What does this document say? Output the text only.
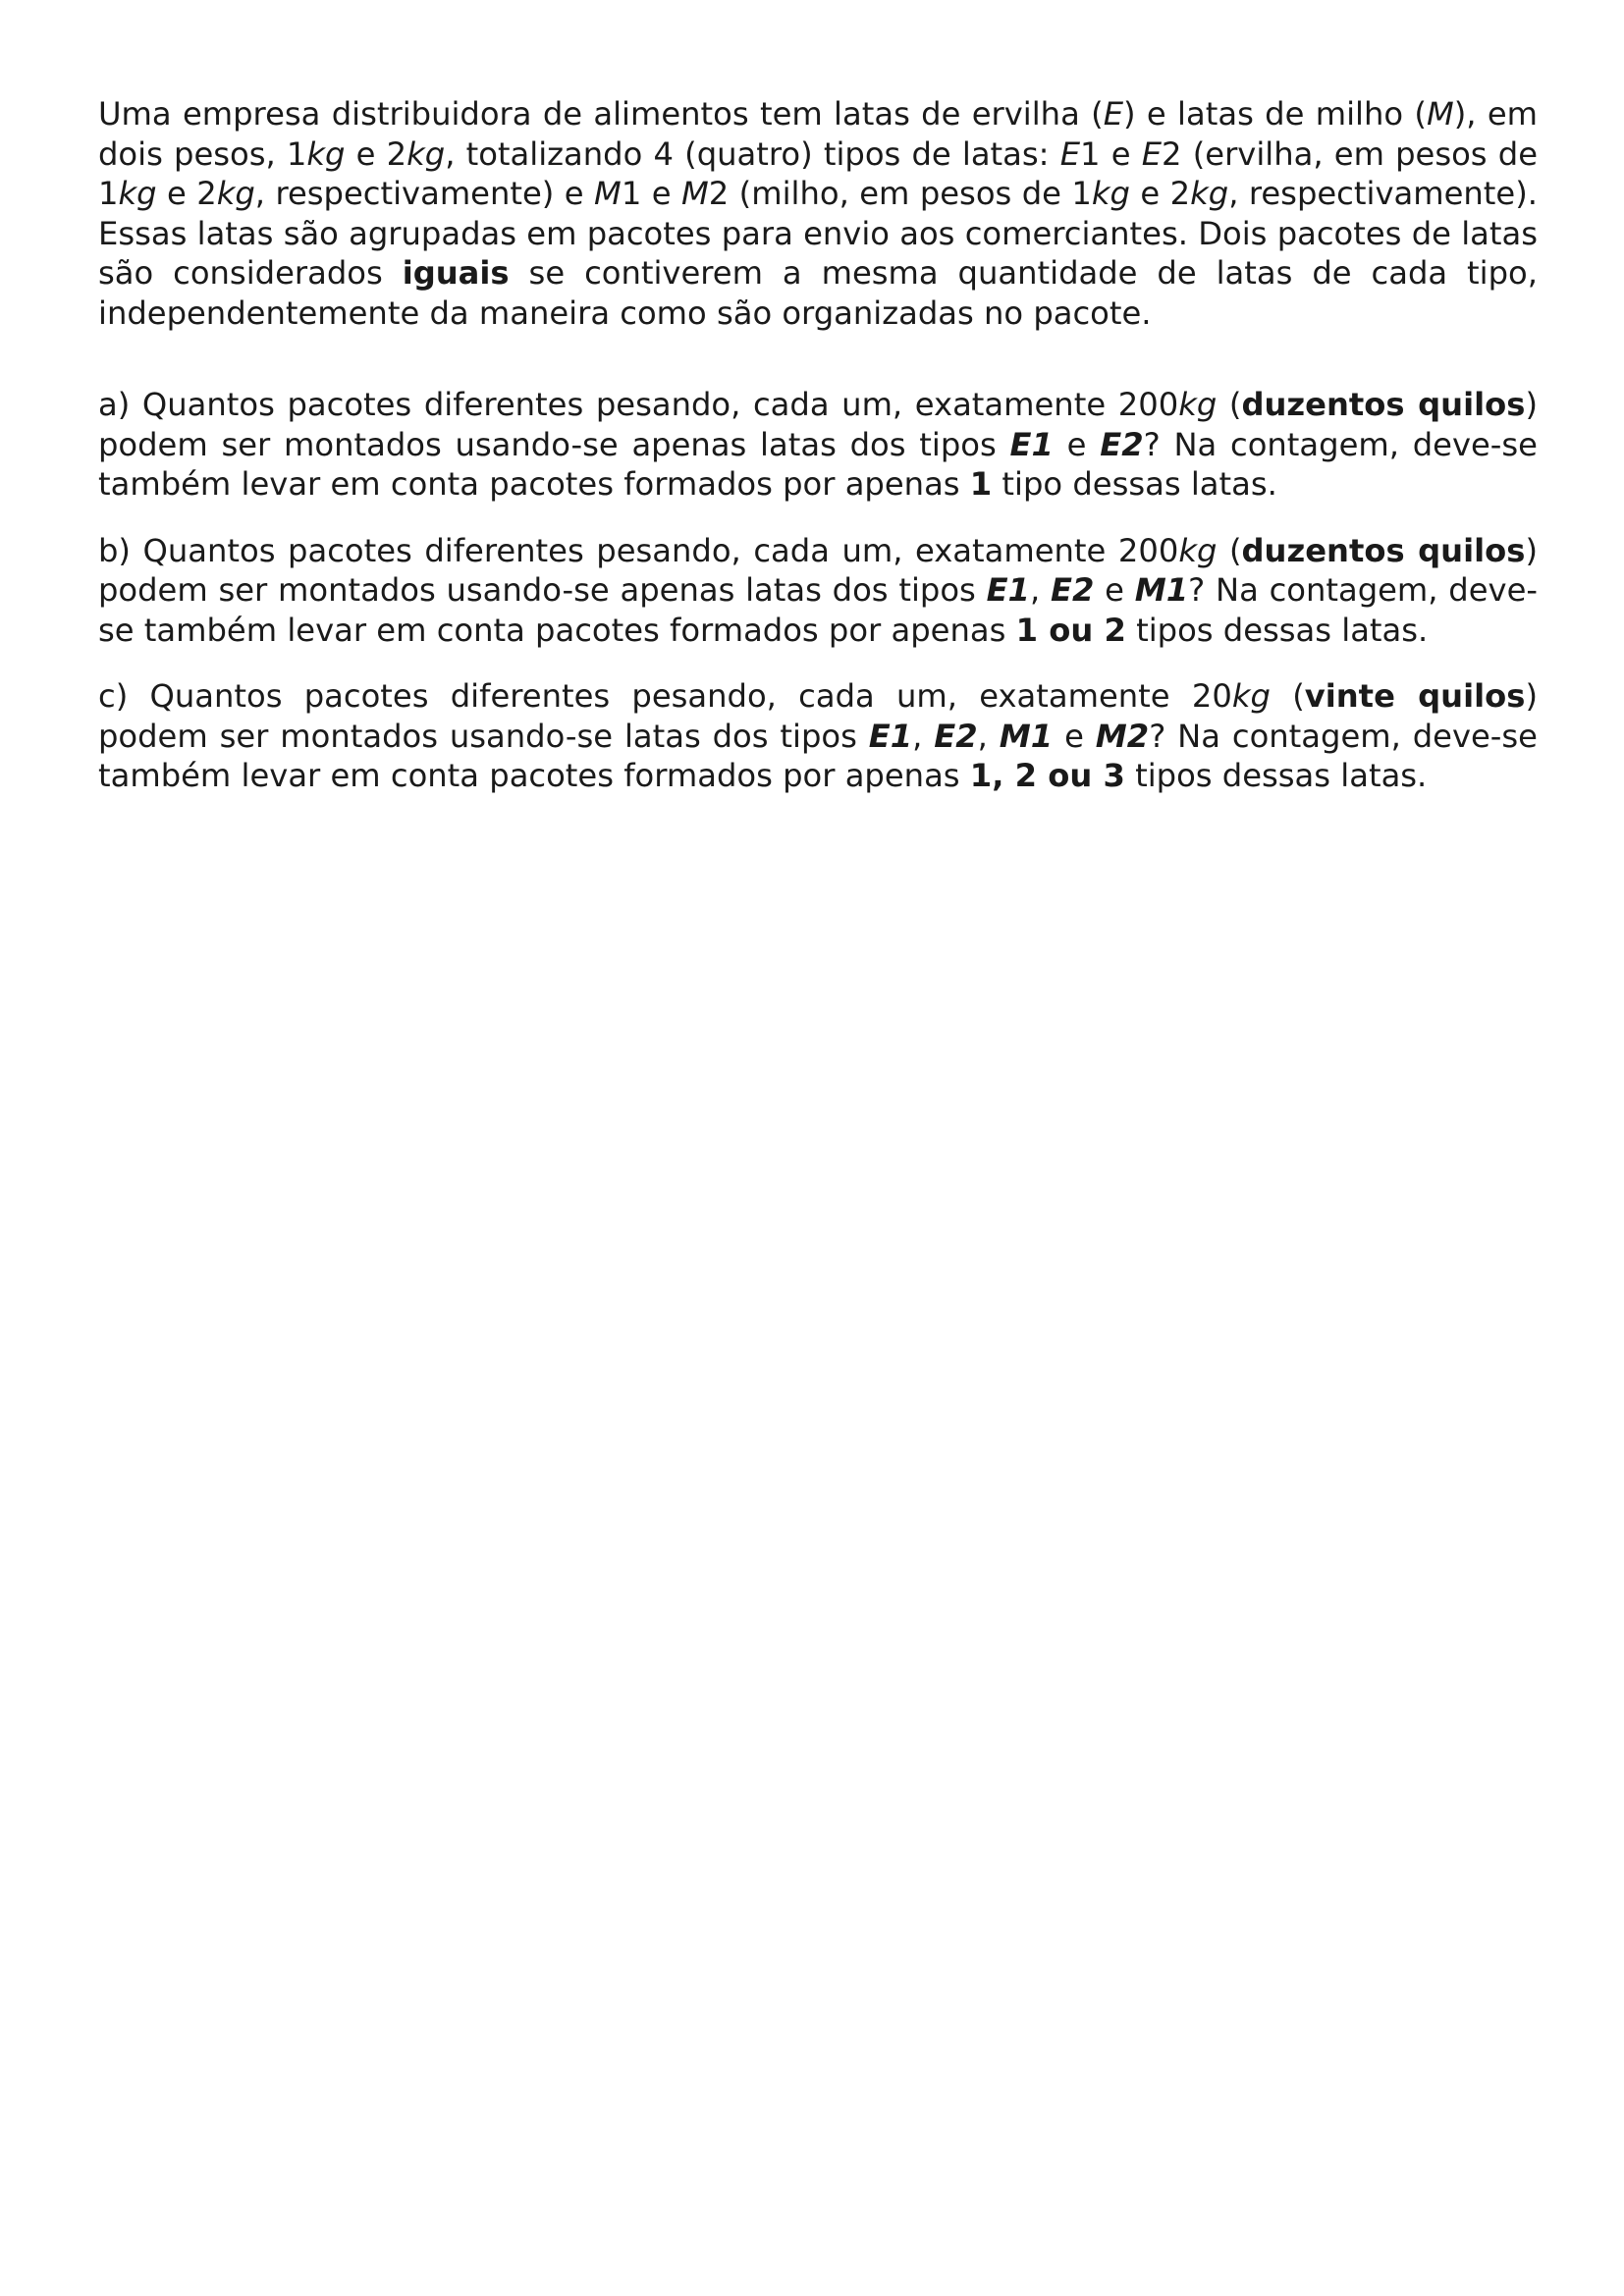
Uma empresa distribuidora de alimentos tem latas de ervilha (E) e latas de milho (M), em dois pesos, 1kg e 2kg, totalizando 4 (quatro) tipos de latas: E1 e E2 (ervilha, em pesos de 1kg e 2kg, respectivamente) e M1 e M2 (milho, em pesos de 1kg e 2kg, respectivamente). Essas latas são agrupadas em pacotes para envio aos comerciantes. Dois pacotes de latas são considerados iguais se contiverem a mesma quantidade de latas de cada tipo, independentemente da maneira como são organizadas no pacote.

a) Quantos pacotes diferentes pesando, cada um, exatamente 200kg (duzentos quilos) podem ser montados usando-se apenas latas dos tipos E1 e E2? Na contagem, deve-se também levar em conta pacotes formados por apenas 1 tipo dessas latas.

b) Quantos pacotes diferentes pesando, cada um, exatamente 200kg (duzentos quilos) podem ser montados usando-se apenas latas dos tipos E1, E2 e M1? Na contagem, deve-se também levar em conta pacotes formados por apenas 1 ou 2 tipos dessas latas.

c) Quantos pacotes diferentes pesando, cada um, exatamente 20kg (vinte quilos) podem ser montados usando-se latas dos tipos E1, E2, M1 e M2? Na contagem, deve-se também levar em conta pacotes formados por apenas 1, 2 ou 3 tipos dessas latas.
